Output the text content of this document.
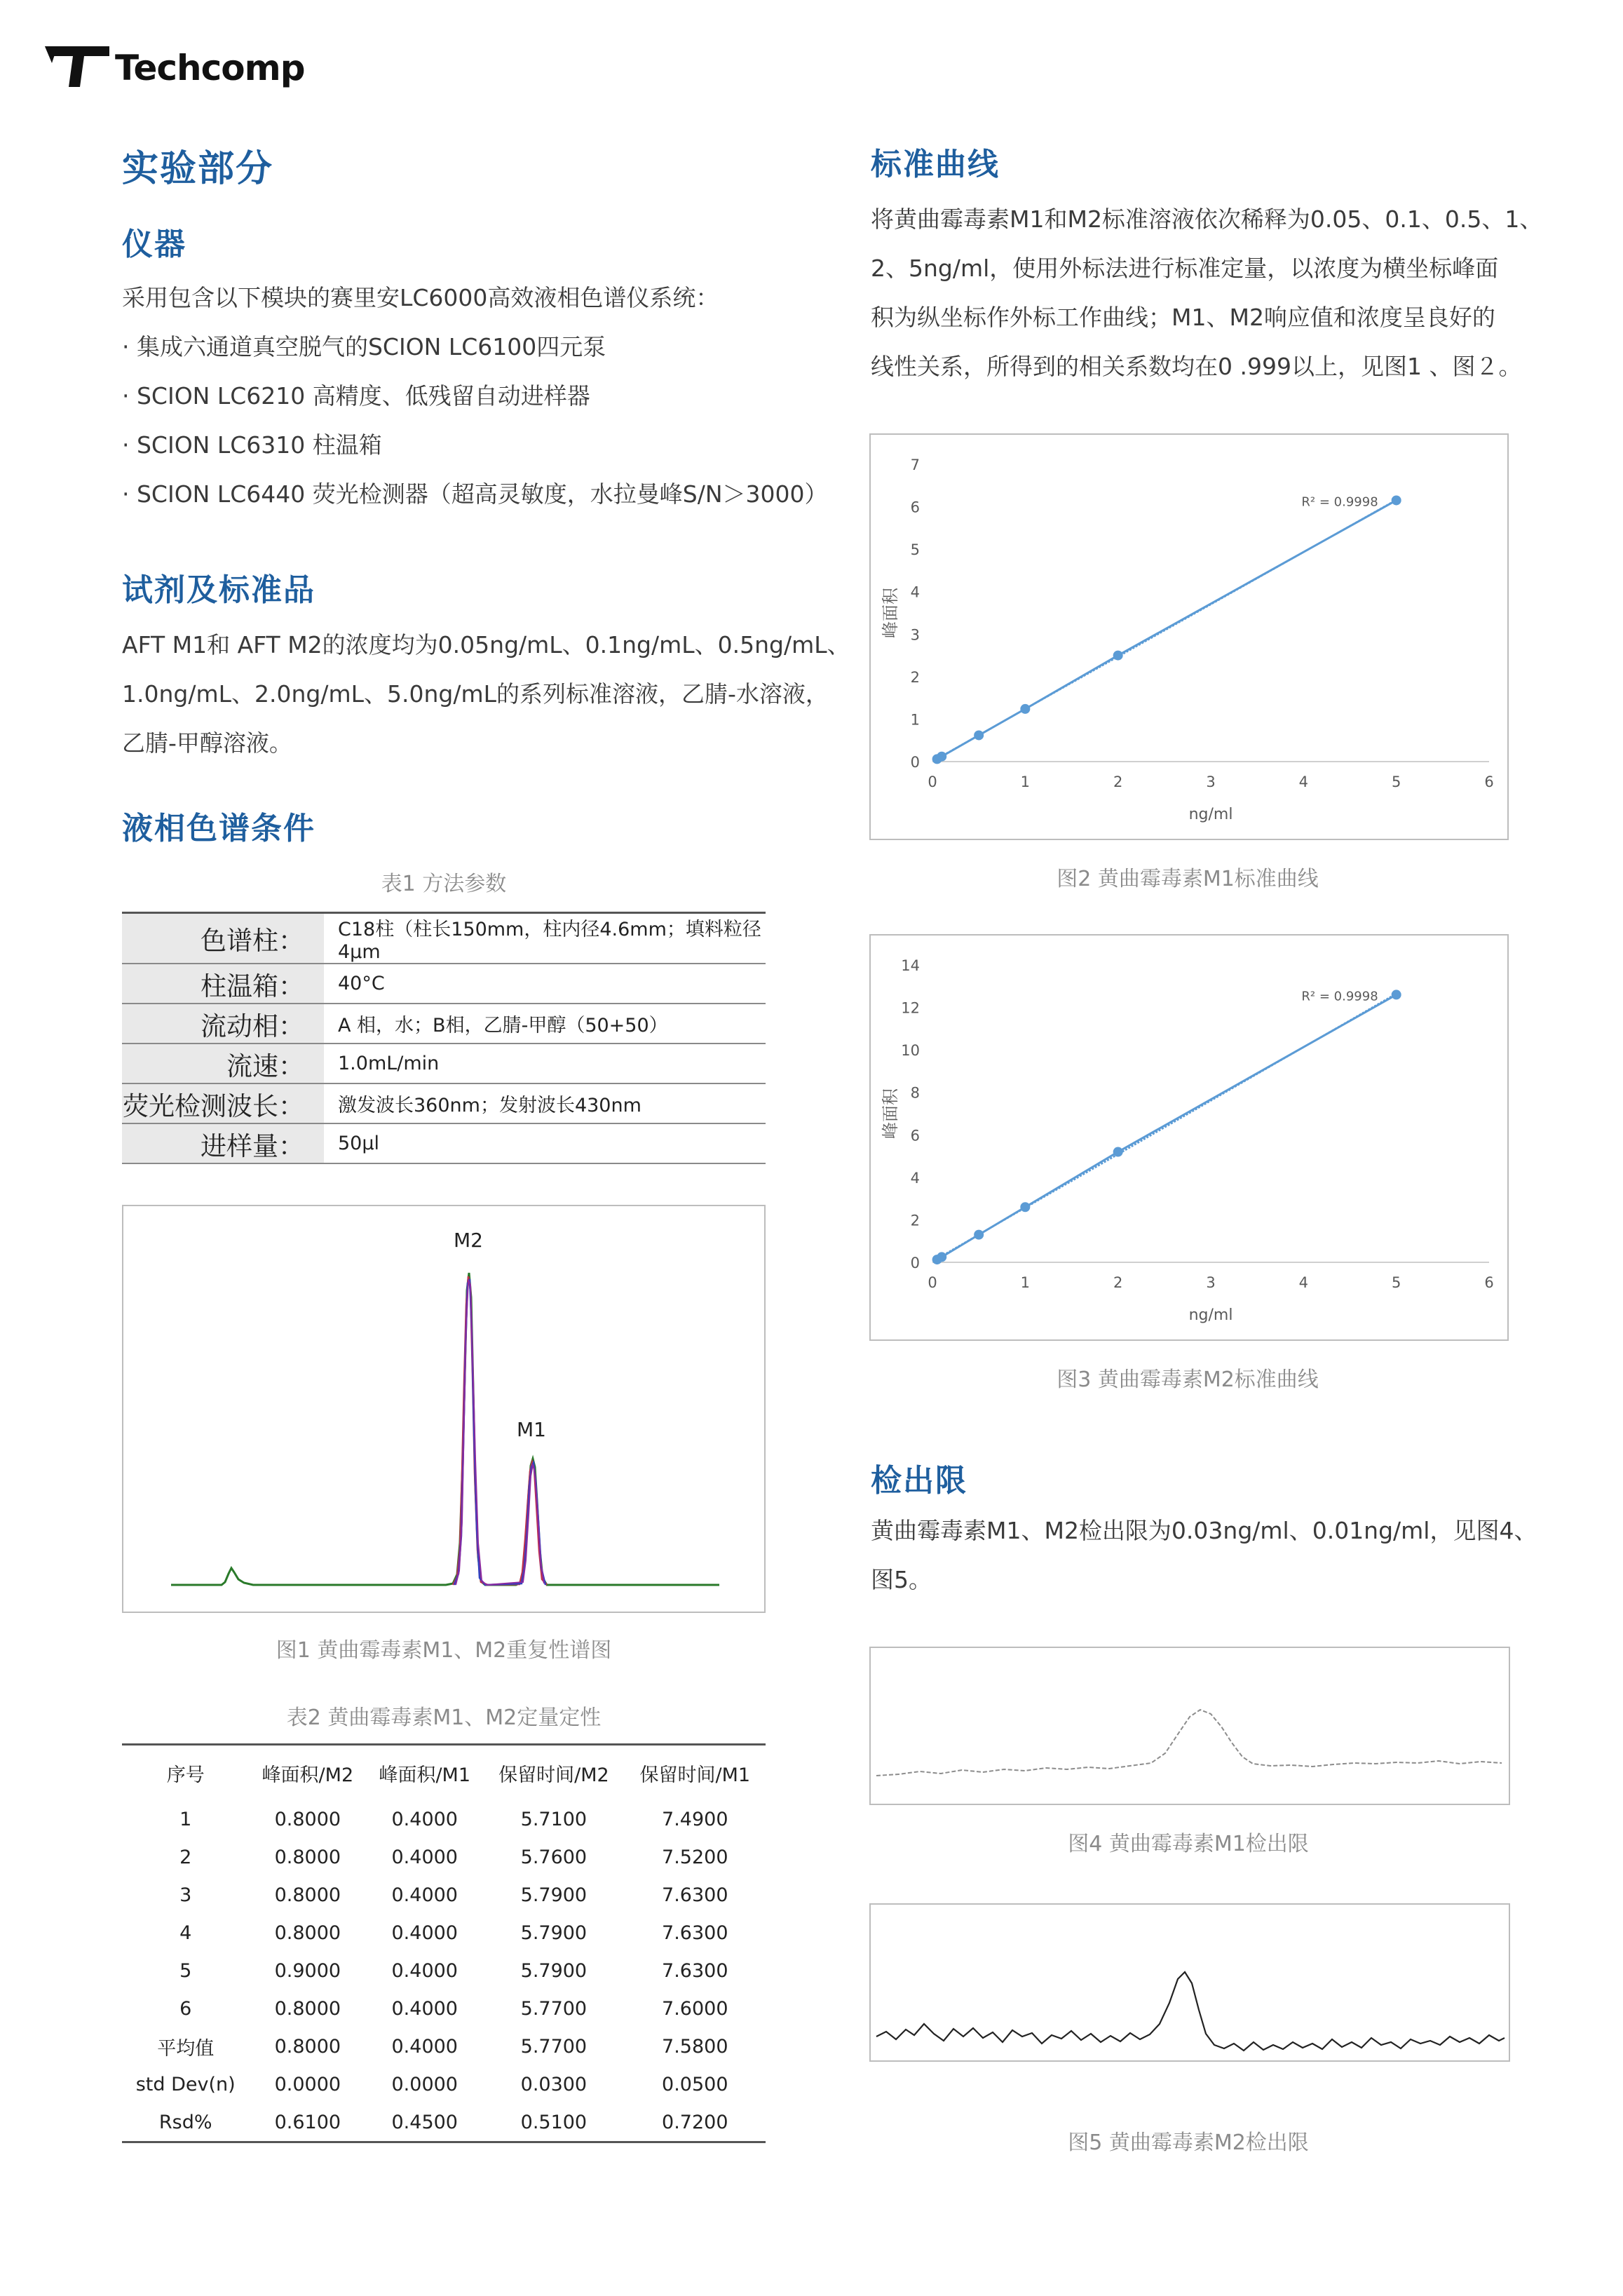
Techcomp
实验部分
仪器
采用包含以下模块的赛里安LC6000高效液相色谱仪系统：
· 集成六通道真空脱气的SCION LC6100四元泵
· SCION LC6210 高精度、低残留自动进样器
· SCION LC6310 柱温箱
· SCION LC6440 荧光检测器（超高灵敏度，水拉曼峰S/N＞3000）
试剂及标准品
AFT M1和 AFT M2的浓度均为0.05ng/mL、0.1ng/mL、0.5ng/mL、
1.0ng/mL、2.0ng/mL、5.0ng/mL的系列标准溶液，乙腈-水溶液，
乙腈-甲醇溶液。
液相色谱条件
表1 方法参数
色谱柱：	C18柱（柱长150mm，柱内径4.6mm；填料粒径4μm
柱温箱：	40°C
流动相：	A 相，水；B相，乙腈-甲醇（50+50）
流速：	1.0mL/min
荧光检测波长：	激发波长360nm；发射波长430nm
进样量：	50μl
M2
M1
图1 黄曲霉毒素M1、M2重复性谱图
表2 黄曲霉毒素M1、M2定量定性
序号	峰面积/M2	峰面积/M1	保留时间/M2	保留时间/M1
1	0.8000	0.4000	5.7100	7.4900
2	0.8000	0.4000	5.7600	7.5200
3	0.8000	0.4000	5.7900	7.6300
4	0.8000	0.4000	5.7900	7.6300
5	0.9000	0.4000	5.7900	7.6300
6	0.8000	0.4000	5.7700	7.6000
平均值	0.8000	0.4000	5.7700	7.5800
std Dev(n)	0.0000	0.0000	0.0300	0.0500
Rsd%	0.6100	0.4500	0.5100	0.7200
标准曲线
将黄曲霉毒素M1和M2标准溶液依次稀释为0.05、0.1、0.5、1、
2、5ng/ml，使用外标法进行标准定量，以浓度为横坐标峰面
积为纵坐标作外标工作曲线；M1、M2响应值和浓度呈良好的
线性关系，所得到的相关系数均在0 .999以上，见图1 、图２。
0
1
2
3
4
5
6
7
0	1	2	3	4	5	6
ng/ml
峰面积
R² = 0.9998
图2 黄曲霉毒素M1标准曲线
0
2
4
6
8
10
12
14
0	1	2	3	4	5	6
ng/ml
峰面积
R² = 0.9998
图3 黄曲霉毒素M2标准曲线
检出限
黄曲霉毒素M1、M2检出限为0.03ng/ml、0.01ng/ml，见图4、
图5。
图4 黄曲霉毒素M1检出限
图5 黄曲霉毒素M2检出限
